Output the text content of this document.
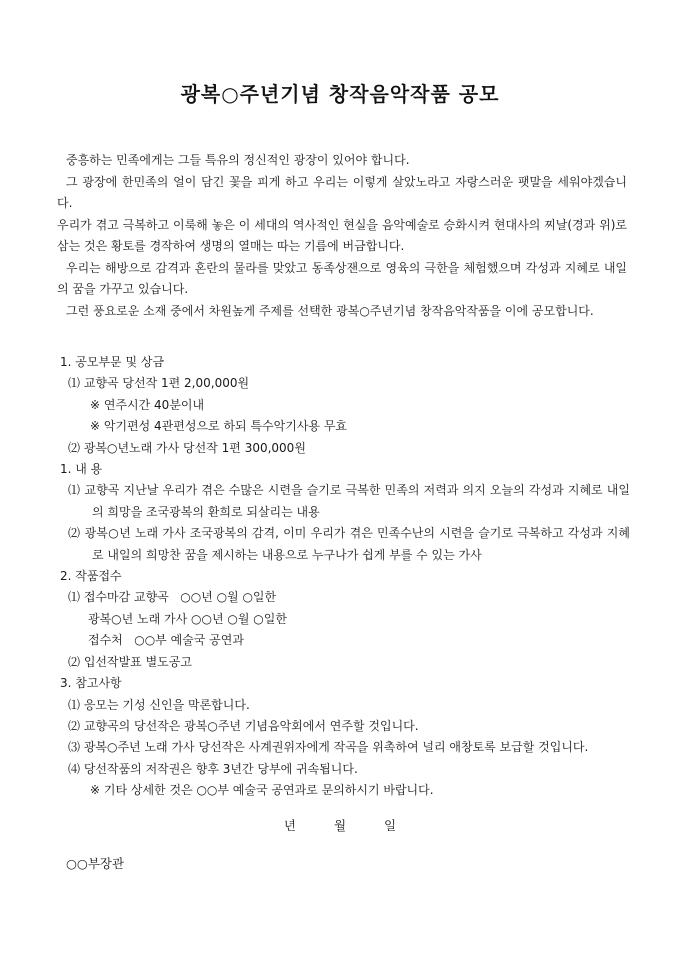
광복○주년기념 창작음악작품 공모
중흥하는 민족에게는 그들 특유의 정신적인 광장이 있어야 합니다.
그 광장에 한민족의 얼이 담긴 꽃을 피게 하고 우리는 이렇게 살았노라고 자랑스러운 팻말을 세워야겠습니다.
우리가 겪고 극복하고 이룩해 놓은 이 세대의 역사적인 현실을 음악예술로 승화시켜 현대사의 찌날(경과 위)로 삼는 것은 황토를 경작하여 생명의 열매는 따는 기름에 버금합니다.
우리는 해방으로 감격과 혼란의 물라를 맞았고 동족상잰으로 영육의 극한을 체험했으며 각성과 지혜로 내일의 꿈을 가꾸고 있습니다.
그런 풍요로운 소재 중에서 차원높게 주제를 선택한 광복○주년기념 창작음악작품을 이에 공모합니다.
1. 공모부문 및 상금
⑴ 교향곡 당선작 1편 2,00,000원
※ 연주시간 40분이내
※ 악기편성 4관편성으로 하되 특수악기사용 무효
⑵ 광복○년노래 가사 당선작 1편 300,000원
1. 내 용
⑴ 교향곡 지난날 우리가 겪은 수많은 시련을 슬기로 극복한 민족의 저력과 의지 오늘의 각성과 지혜로 내일의 희망을 조국광복의 환희로 되살리는 내용
⑵ 광복○년 노래 가사 조국광복의 감격, 이미 우리가 겪은 민족수난의 시련을 슬기로 극복하고 각성과 지혜로 내일의 희망찬 꿈을 제시하는 내용으로 누구나가 쉽게 부를 수 있는 가사
2. 작품접수
⑴ 접수마감 교향곡   ○○년 ○월 ○일한
광복○년 노래 가사 ○○년 ○월 ○일한
접수처   ○○부 예술국 공연과
⑵ 입선작발표 별도공고
3. 참고사항
⑴ 응모는 기성 신인을 막론합니다.
⑵ 교향곡의 당선작은 광복○주년 기념음악회에서 연주할 것입니다.
⑶ 광복○주년 노래 가사 당선작은 사계권위자에게 작곡을 위촉하여 널리 애창토록 보급할 것입니다.
⑷ 당선작품의 저작권은 향후 3년간 당부에 귀속됩니다.
※ 기타 상세한 것은 ○○부 예술국 공연과로 문의하시기 바랍니다.
년	월	일
○○부장관
